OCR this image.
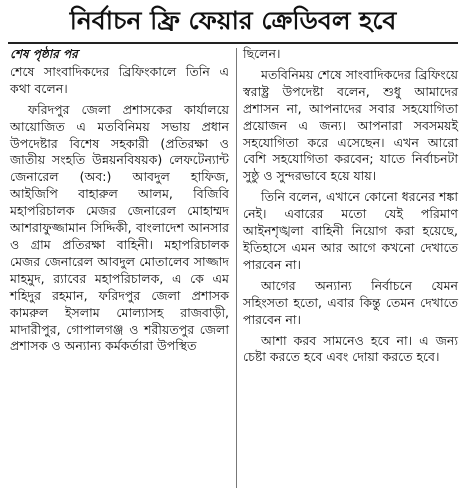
নির্বাচন ফ্রি ফেয়ার ক্রেডিবল হবে
শেষ পৃষ্ঠার পর

শেষে সাংবাদিকদের ব্রিফিংকালে তিনি এ কথা বলেন।

ফরিদপুর জেলা প্রশাসকের কার্যালয়ে আয়োজিত এ মতবিনিময় সভায় প্রধান উপদেষ্টার বিশেষ সহকারী (প্রতিরক্ষা ও জাতীয় সংহতি উন্নয়নবিষয়ক) লেফটেন্যান্ট জেনারেল (অব:) আবদুল হাফিজ, আইজিপি বাহারুল আলম, বিজিবি মহাপরিচালক মেজর জেনারেল মোহাম্মদ আশরাফুজ্জামান সিদ্দিকী, বাংলাদেশ আনসার ও গ্রাম প্রতিরক্ষা বাহিনী। মহাপরিচালক মেজর জেনারেল আবদুল মোতালেব সাজ্জাদ মাহমুদ, র‍্যাবের মহাপরিচালক, এ কে এম শহিদুর রহমান, ফরিদপুর জেলা প্রশাসক কামরুল ইসলাম মোল্যাসহ রাজবাড়ী, মাদারীপুর, গোপালগঞ্জ ও শরীয়তপুর জেলা প্রশাসক ও অন্যান্য কর্মকর্তারা উপস্থিত

ছিলেন।

মতবিনিময় শেষে সাংবাদিকদের ব্রিফিংয়ে স্বরাষ্ট্র উপদেষ্টা বলেন, শুধু আমাদের প্রশাসন না, আপনাদের সবার সহযোগিতা প্রয়োজন এ জন্য। আপনারা সবসময়ই সহযোগিতা করে এসেছেন। এখন আরো বেশি সহযোগিতা করবেন; যাতে নির্বাচনটা সুষ্ঠু ও সুন্দরভাবে হয়ে যায়।

তিনি বলেন, এখানে কোনো ধরনের শঙ্কা নেই। এবারের মতো যেই পরিমাণ আইনশৃঙ্খলা বাহিনী নিয়োগ করা হয়েছে, ইতিহাসে এমন আর আগে কখনো দেখাতে পারবেন না।

আগের অন্যান্য নির্বাচনে যেমন সহিংসতা হতো, এবার কিন্তু তেমন দেখাতে পারবেন না।

আশা করব সামনেও হবে না। এ জন্য চেষ্টা করতে হবে এবং দোয়া করতে হবে।
